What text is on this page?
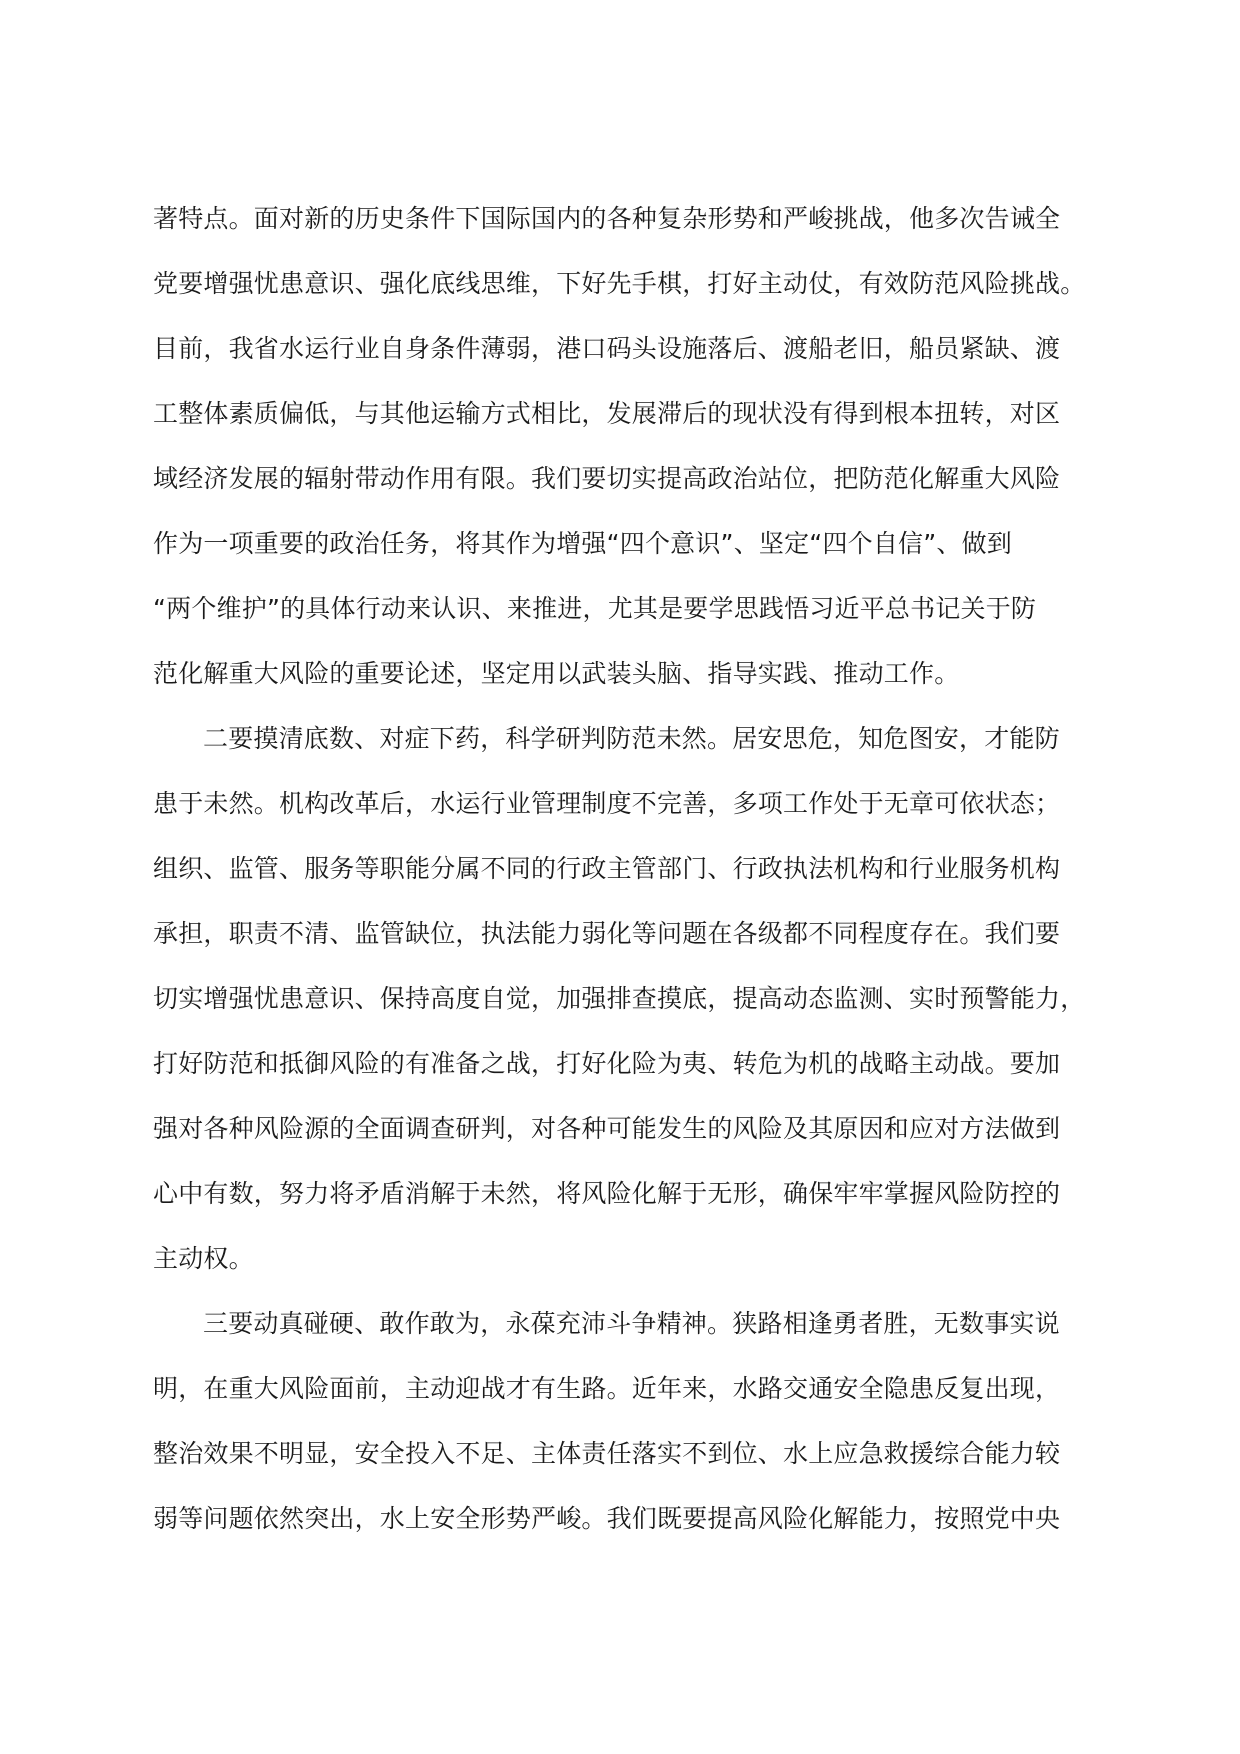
著特点。面对新的历史条件下国际国内的各种复杂形势和严峻挑战，他多次告诫全
党要增强忧患意识、强化底线思维，下好先手棋，打好主动仗，有效防范风险挑战。
目前，我省水运行业自身条件薄弱，港口码头设施落后、渡船老旧，船员紧缺、渡
工整体素质偏低，与其他运输方式相比，发展滞后的现状没有得到根本扭转，对区
域经济发展的辐射带动作用有限。我们要切实提高政治站位，把防范化解重大风险
作为一项重要的政治任务，将其作为增强“四个意识”、坚定“四个自信”、做到
“两个维护”的具体行动来认识、来推进，尤其是要学思践悟习近平总书记关于防
范化解重大风险的重要论述，坚定用以武装头脑、指导实践、推动工作。
二要摸清底数、对症下药，科学研判防范未然。居安思危，知危图安，才能防
患于未然。机构改革后，水运行业管理制度不完善，多项工作处于无章可依状态；
组织、监管、服务等职能分属不同的行政主管部门、行政执法机构和行业服务机构
承担，职责不清、监管缺位，执法能力弱化等问题在各级都不同程度存在。我们要
切实增强忧患意识、保持高度自觉，加强排查摸底，提高动态监测、实时预警能力，
打好防范和抵御风险的有准备之战，打好化险为夷、转危为机的战略主动战。要加
强对各种风险源的全面调查研判，对各种可能发生的风险及其原因和应对方法做到
心中有数，努力将矛盾消解于未然，将风险化解于无形，确保牢牢掌握风险防控的
主动权。
三要动真碰硬、敢作敢为，永葆充沛斗争精神。狭路相逢勇者胜，无数事实说
明，在重大风险面前，主动迎战才有生路。近年来，水路交通安全隐患反复出现，
整治效果不明显，安全投入不足、主体责任落实不到位、水上应急救援综合能力较
弱等问题依然突出，水上安全形势严峻。我们既要提高风险化解能力，按照党中央
